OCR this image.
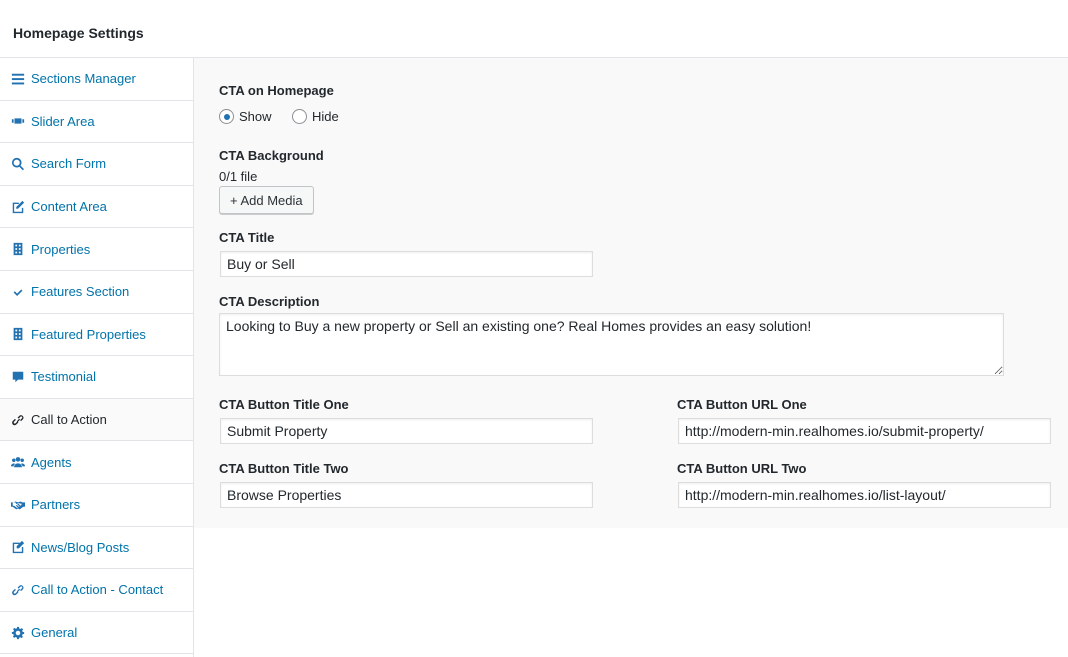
Homepage Settings
Sections Manager
Slider Area
Search Form
Content Area
Properties
Features Section
Featured Properties
Testimonial
Call to Action
Agents
Partners
News/Blog Posts
Call to Action - Contact
General
CTA on Homepage
Show	Hide
CTA Background
0/1 file
+ Add Media
CTA Title
Buy or Sell
CTA Description
Looking to Buy a new property or Sell an existing one? Real Homes provides an easy solution!
CTA Button Title One
Submit Property	CTA Button URL One
http://modern-min.realhomes.io/submit-property/
CTA Button Title Two
Browse Properties	CTA Button URL Two
http://modern-min.realhomes.io/list-layout/
